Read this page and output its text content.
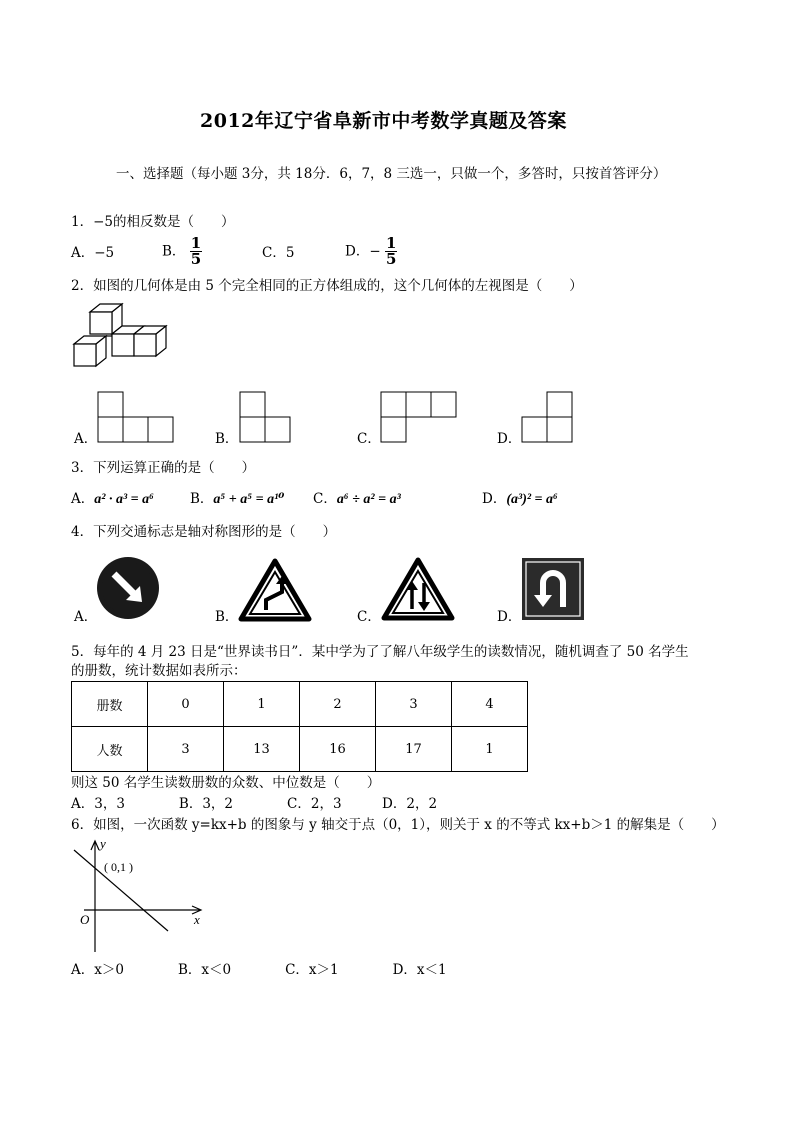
2012年辽宁省阜新市中考数学真题及答案
一、选择题（每小题 3分，共 18分．6，7，8 三选一，只做一个，多答时，只按首答评分）
1．−5的相反数是（　　）
A．−5	B． $\frac{1}{5}$	C．5	D．− $\frac{1}{5}$
2．如图的几何体是由 5 个完全相同的正方体组成的，这个几何体的左视图是（　　）
A．	B．	C．	D．
3．下列运算正确的是（　　）
A．a² · a³ = a⁶	B．a⁵ + a⁵ = a¹⁰ C．a⁶ ÷ a² = a³	D．(a³)² = a⁶
4．下列交通标志是轴对称图形的是（　　）
A．	B．	C．	D．
5．每年的 4 月 23 日是“世界读书日”．某中学为了了解八年级学生的读数情况，随机调查了 50 名学生
的册数，统计数据如表所示：
册数	0	1	2	3	4
人数	3	13	16	17	1
则这 50 名学生读数册数的众数、中位数是（　　）
A．3，3　　　　B．3，2　　　　C．2，3　　　D．2，2
6．如图，一次函数 y=kx+b 的图象与 y 轴交于点（0，1），则关于 x 的不等式 kx+b＞1 的解集是（　　）
y
x
O
( 0,1 )
A．x＞0　　　　B．x＜0　　　　C．x＞1　　　　D．x＜1
